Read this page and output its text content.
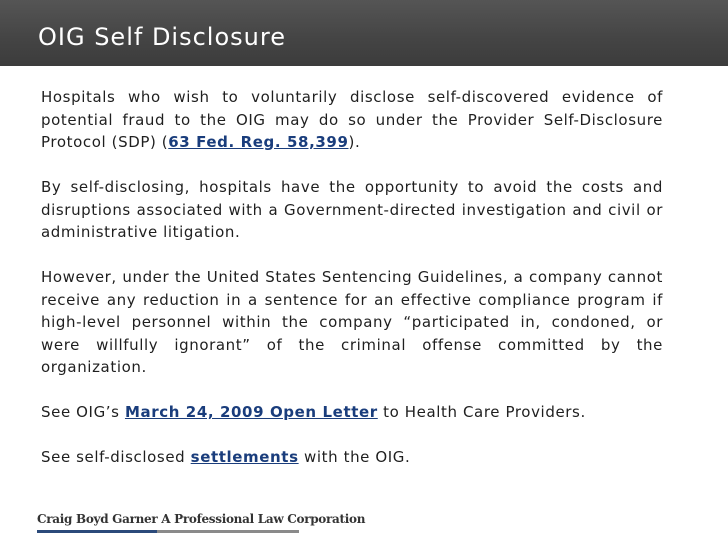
OIG Self Disclosure

Hospitals who wish to voluntarily disclose self-discovered evidence of potential fraud to the OIG may do so under the Provider Self-Disclosure Protocol (SDP) (63 Fed. Reg. 58,399).

By self-disclosing, hospitals have the opportunity to avoid the costs and disruptions associated with a Government-directed investigation and civil or administrative litigation.

However, under the United States Sentencing Guidelines, a company cannot receive any reduction in a sentence for an effective compliance program if high-level personnel within the company “participated in, condoned, or were willfully ignorant” of the criminal offense committed by the organization.

See OIG’s March 24, 2009 Open Letter to Health Care Providers.

See self-disclosed settlements with the OIG.

Craig Boyd Garner A Professional Law Corporation
